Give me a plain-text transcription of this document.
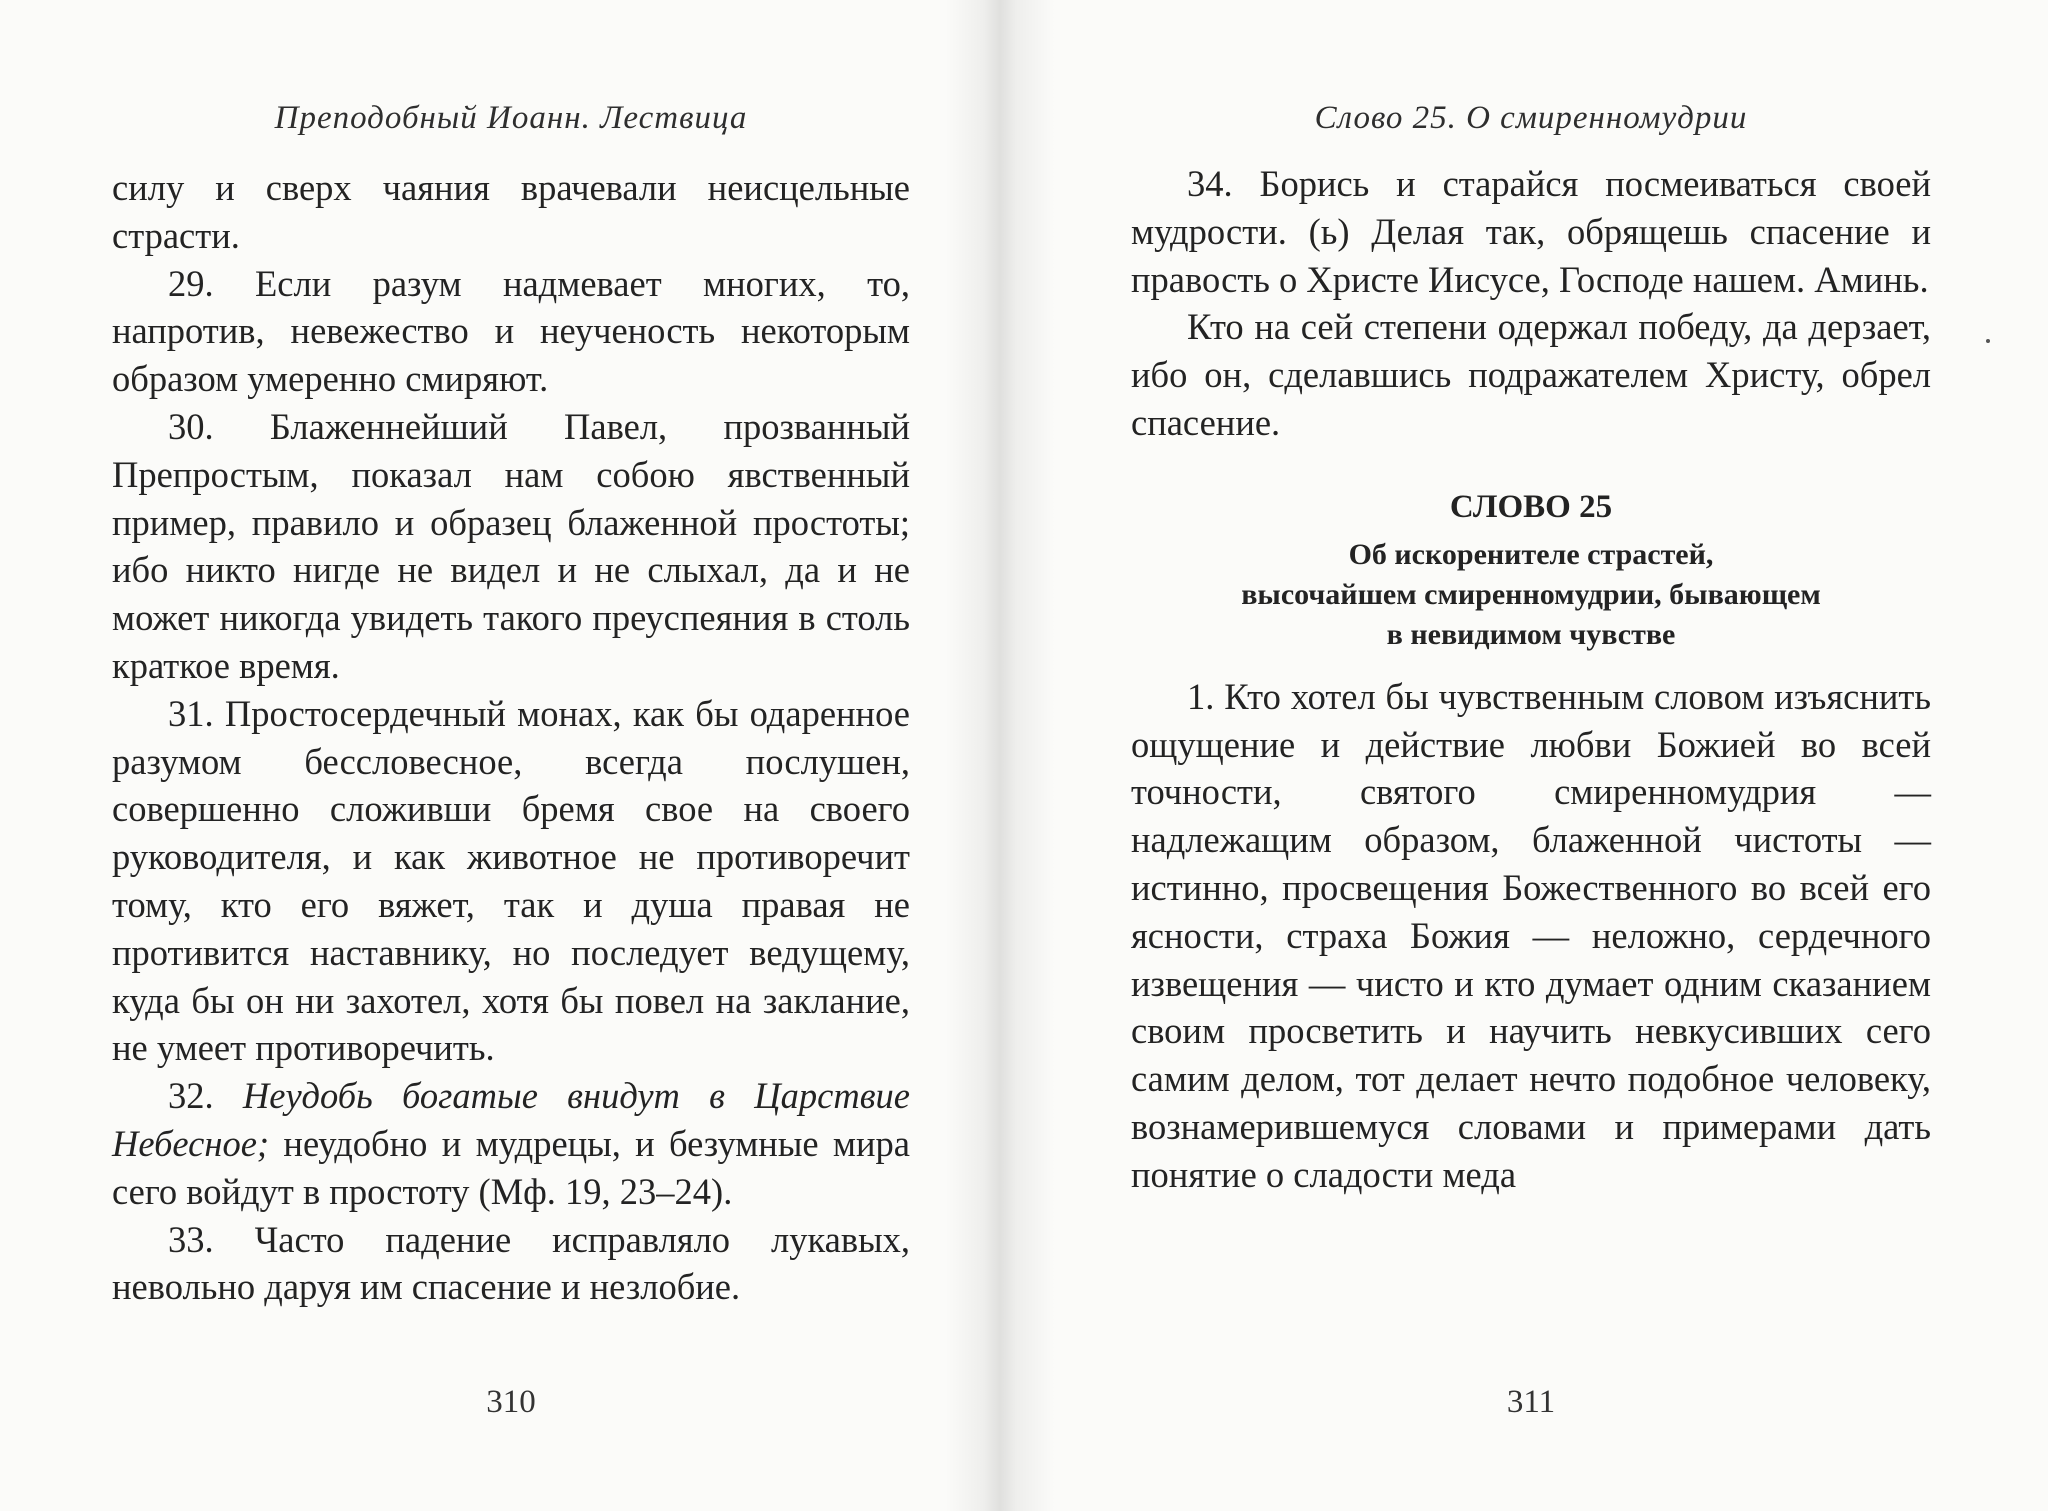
Преподобный Иоанн. Лествица

силу и сверх чаяния врачевали неисцельные страсти.

29. Если разум надмевает многих, то, напротив, невежество и неученость некоторым образом умеренно смиряют.

30. Блаженнейший Павел, прозванный Препростым, показал нам собою явственный пример, правило и образец блаженной простоты; ибо никто нигде не видел и не слыхал, да и не может никогда увидеть такого преуспеяния в столь краткое время.

31. Простосердечный монах, как бы одаренное разумом бессловесное, всегда послушен, совершенно сложивши бремя свое на своего руководителя, и как животное не противоречит тому, кто его вяжет, так и душа правая не противится наставнику, но последует ведущему, куда бы он ни захотел, хотя бы повел на заклание, не умеет противоречить.

32. Неудобь богатые внидут в Царствие Небесное; неудобно и мудрецы, и безумные мира сего войдут в простоту (Мф. 19, 23–24).

33. Часто падение исправляло лукавых, невольно даруя им спасение и незлобие.

310
Слово 25. О смиренномудрии

34. Борись и старайся посмеиваться своей мудрости. (ь) Делая так, обрящешь спасение и правость о Христе Иисусе, Господе нашем. Аминь.

Кто на сей степени одержал победу, да дерзает, ибо он, сделавшись подражателем Христу, обрел спасение.

СЛОВО 25
Об искоренителе страстей,
высочайшем смиренномудрии, бывающем
в невидимом чувстве

1. Кто хотел бы чувственным словом изъяснить ощущение и действие любви Божией во всей точности, святого смиренномудрия — надлежащим образом, блаженной чистоты — истинно, просвещения Божественного во всей его ясности, страха Божия — неложно, сердечного извещения — чисто и кто думает одним сказанием своим просветить и научить невкусивших сего самим делом, тот делает нечто подобное человеку, вознамерившемуся словами и примерами дать понятие о сладости меда

311
